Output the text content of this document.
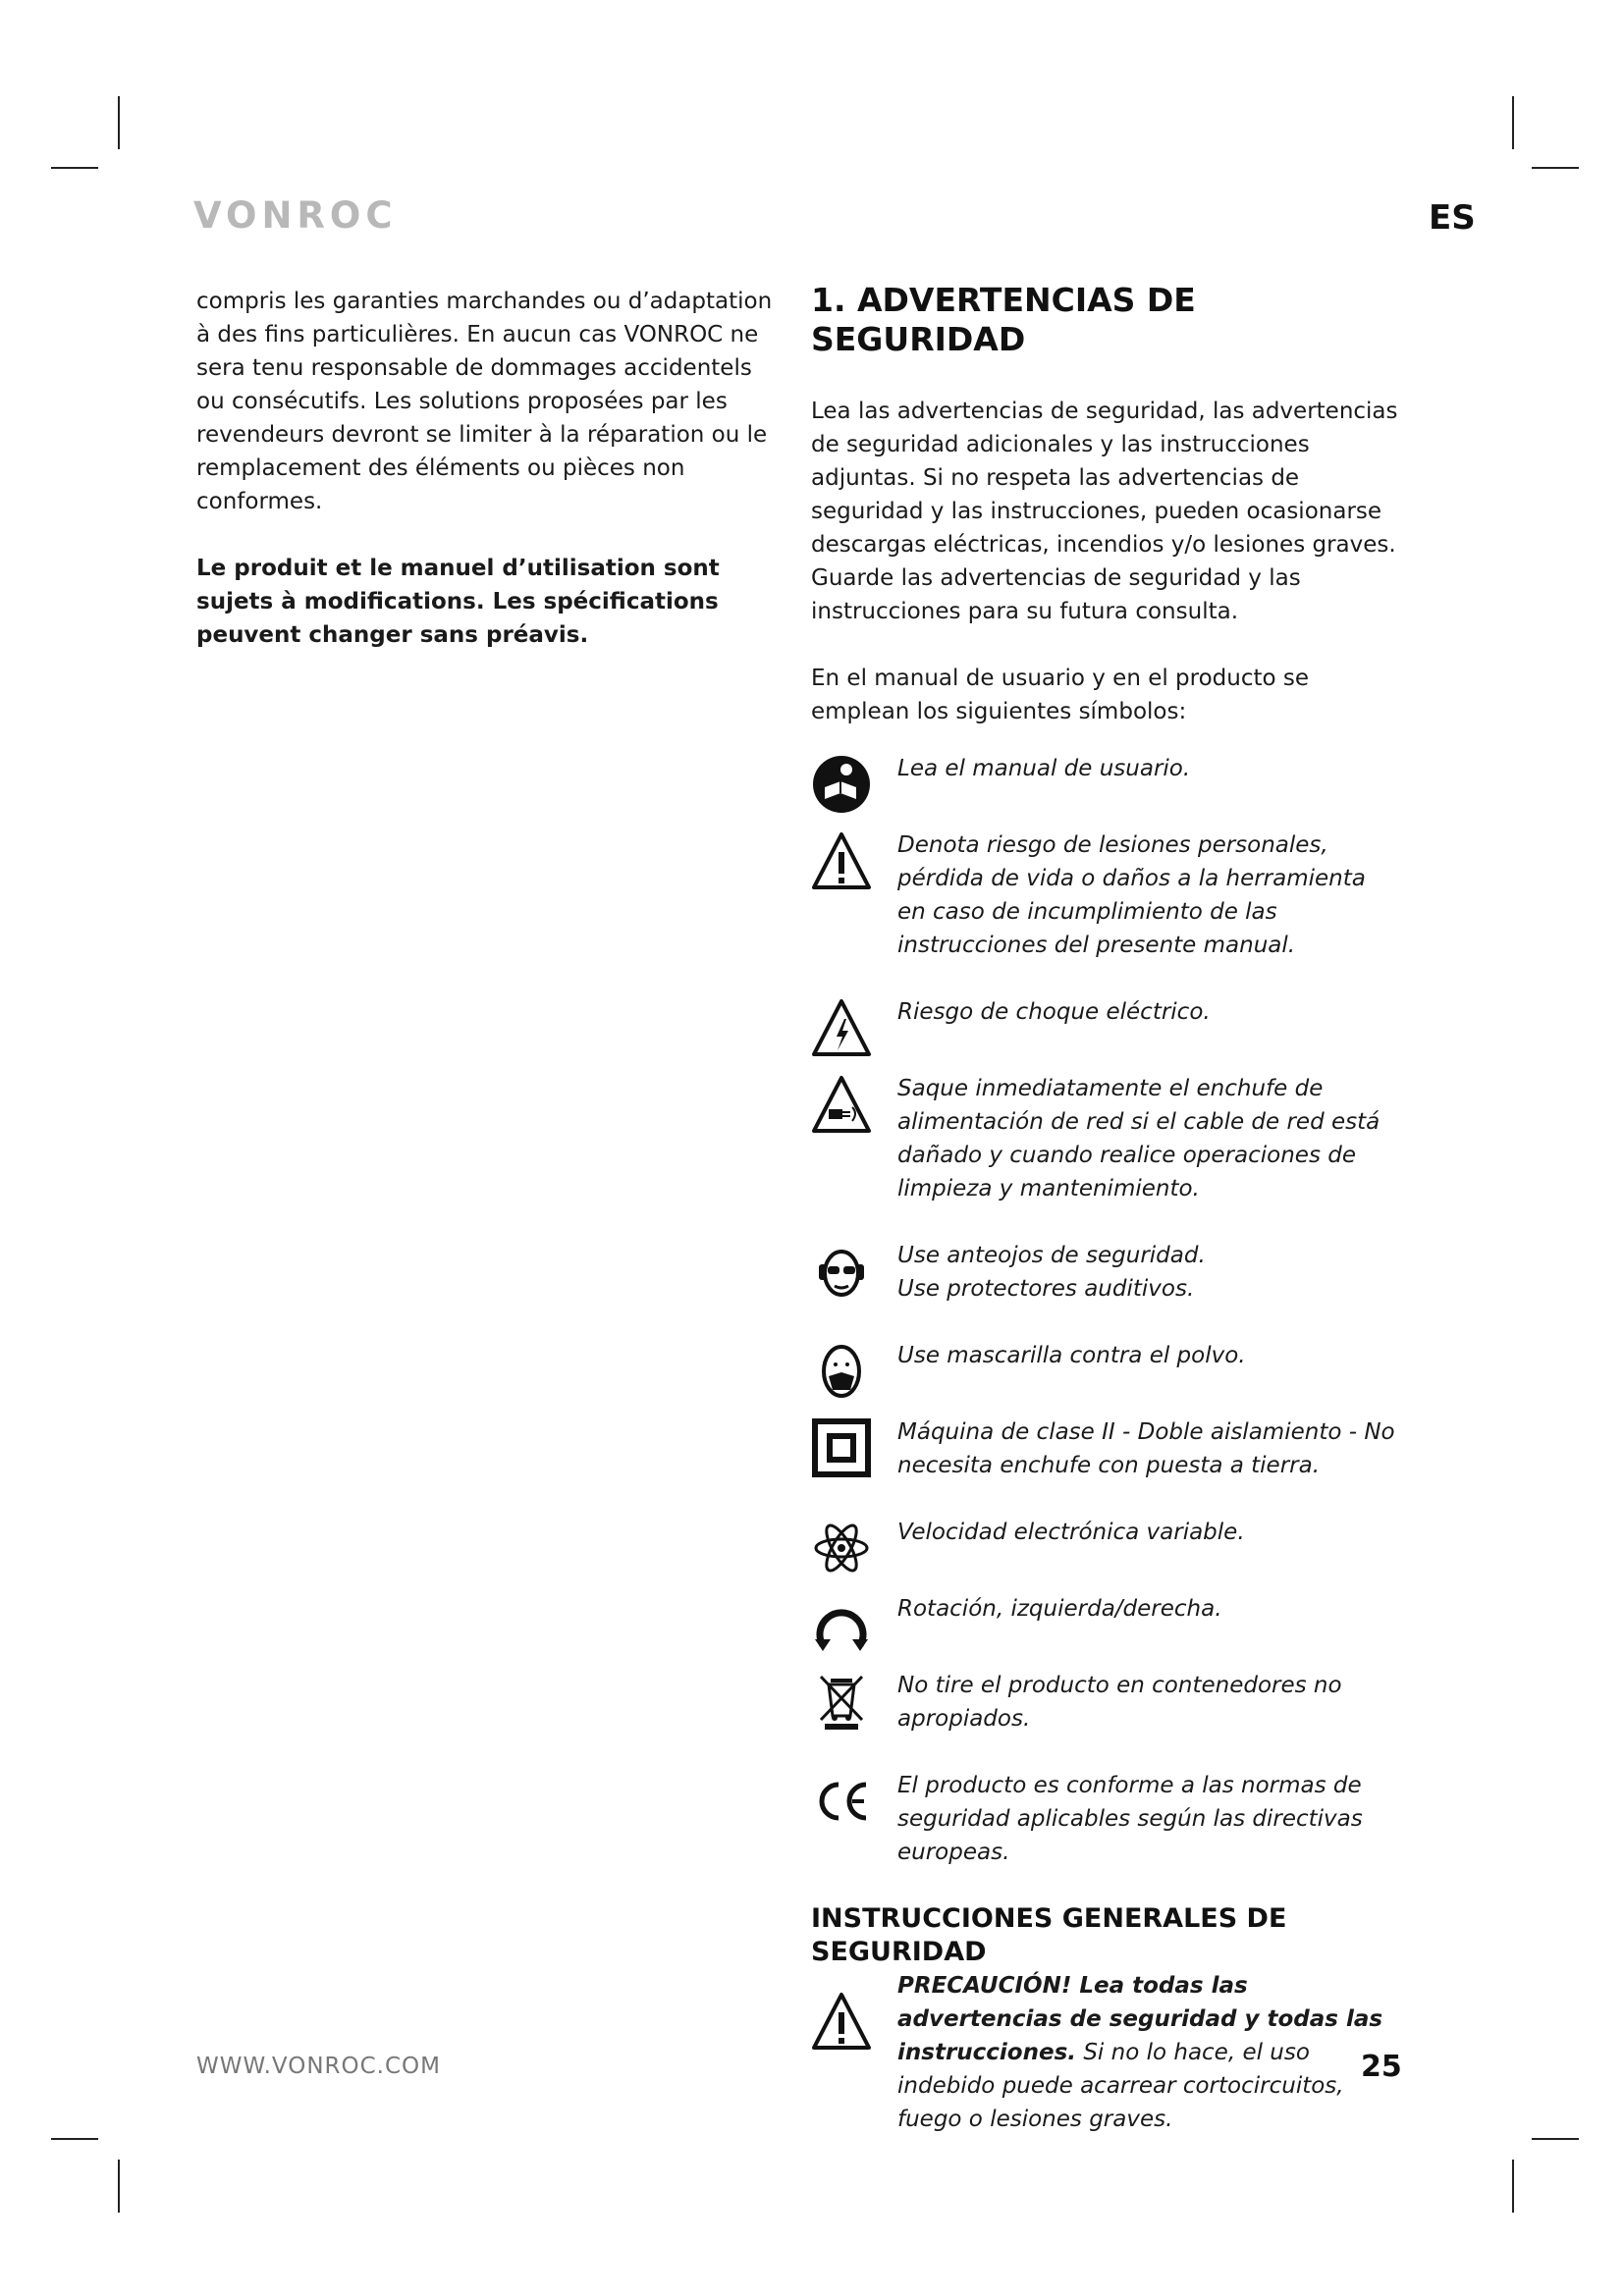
VONROC	ES

compris les garanties marchandes ou d’adaptation à des fins particulières. En aucun cas VONROC ne sera tenu responsable de dommages accidentels ou consécutifs. Les solutions proposées par les revendeurs devront se limiter à la réparation ou le remplacement des éléments ou pièces non conformes.

Le produit et le manuel d’utilisation sont sujets à modifications. Les spécifications peuvent changer sans préavis.

1. ADVERTENCIAS DE SEGURIDAD

Lea las advertencias de seguridad, las advertencias de seguridad adicionales y las instrucciones adjuntas. Si no respeta las advertencias de seguridad y las instrucciones, pueden ocasionarse descargas eléctricas, incendios y/o lesiones graves. Guarde las advertencias de seguridad y las instrucciones para su futura consulta.

En el manual de usuario y en el producto se emplean los siguientes símbolos:

Lea el manual de usuario.
Denota riesgo de lesiones personales, pérdida de vida o daños a la herramienta en caso de incumplimiento de las instrucciones del presente manual.
Riesgo de choque eléctrico.
Saque inmediatamente el enchufe de alimentación de red si el cable de red está dañado y cuando realice operaciones de limpieza y mantenimiento.
Use anteojos de seguridad.
Use protectores auditivos.
Use mascarilla contra el polvo.
Máquina de clase II - Doble aislamiento - No necesita enchufe con puesta a tierra.
Velocidad electrónica variable.
Rotación, izquierda/derecha.
No tire el producto en contenedores no apropiados.
El producto es conforme a las normas de seguridad aplicables según las directivas europeas.
INSTRUCCIONES GENERALES DE SEGURIDAD
PRECAUCIÓN! Lea todas las advertencias de seguridad y todas las instrucciones. Si no lo hace, el uso indebido puede acarrear cortocircuitos, fuego o lesiones graves.
WWW.VONROC.COM	25
